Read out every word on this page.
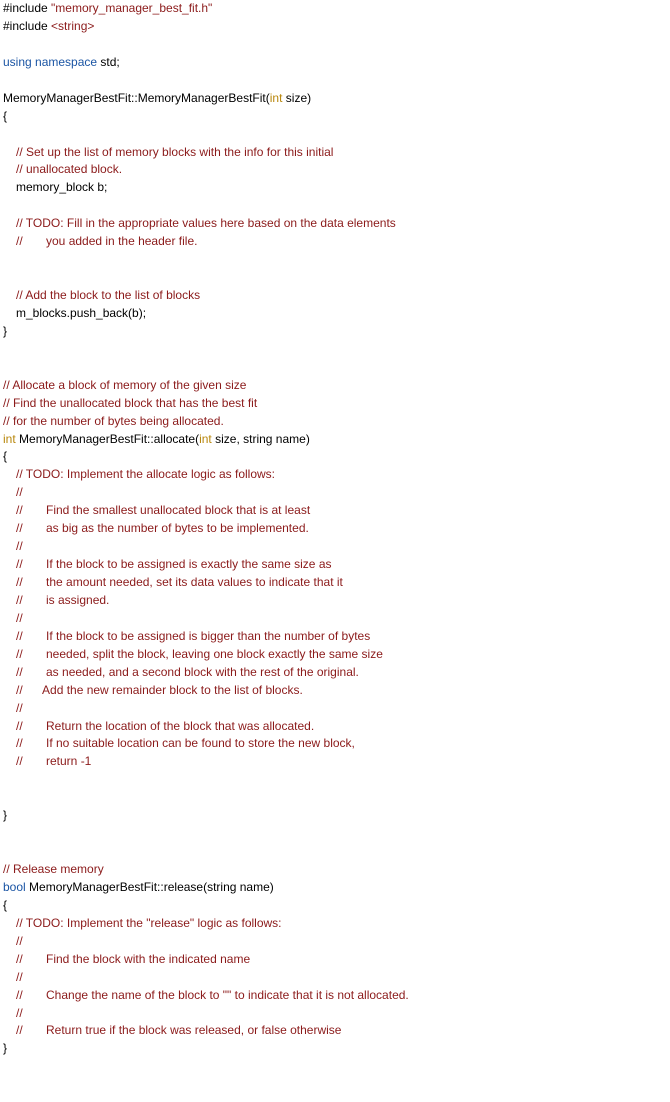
#include "memory_manager_best_fit.h"
#include <string>

using namespace std;

MemoryManagerBestFit::MemoryManagerBestFit(int size)
{

// Set up the list of memory blocks with the info for this initial
// unallocated block.
memory_block b;

// TODO: Fill in the appropriate values here based on the data elements
//       you added in the header file.

// Add the block to the list of blocks
m_blocks.push_back(b);
}

// Allocate a block of memory of the given size
// Find the unallocated block that has the best fit
// for the number of bytes being allocated.
int MemoryManagerBestFit::allocate(int size, string name)
{
// TODO: Implement the allocate logic as follows:
//
//       Find the smallest unallocated block that is at least
//       as big as the number of bytes to be implemented.
//
//       If the block to be assigned is exactly the same size as
//       the amount needed, set its data values to indicate that it
//       is assigned.
//
//       If the block to be assigned is bigger than the number of bytes
//       needed, split the block, leaving one block exactly the same size
//       as needed, and a second block with the rest of the original.
//      Add the new remainder block to the list of blocks.
//
//       Return the location of the block that was allocated.
//       If no suitable location can be found to store the new block,
//       return -1

}

// Release memory
bool MemoryManagerBestFit::release(string name)
{
// TODO: Implement the "release" logic as follows:
//
//       Find the block with the indicated name
//
//       Change the name of the block to "" to indicate that it is not allocated.
//
//       Return true if the block was released, or false otherwise
}
